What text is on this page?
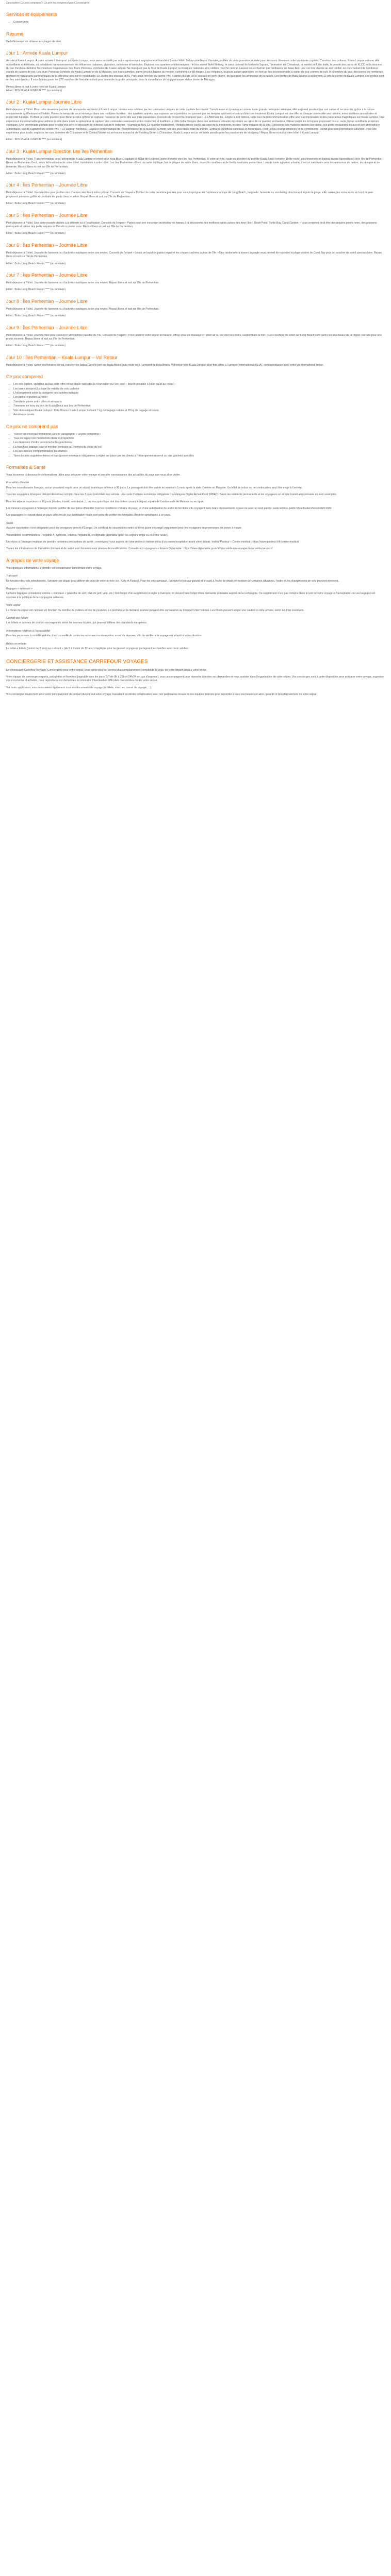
Description Ca prix comprend / Ce prix ne comprend pas Conciergerie

Services et équipements
• Conciergerie
Résumé

De l'effervescence urbaine aux plages de rêve.

Jour 1 : Arrivée Kuala Lumpur

Arrivée à Kuala Lumpur. À votre arrivée à l'aéroport de Kuala Lumpur, vous serez accueilli par notre représentant anglophone et transféré à votre hôtel. Selon votre heure d'arrivée, profitez de votre première journée pour découvrir librement cette trépidante capitale. Carrefour des cultures, Kuala Lumpur est une ville accueillante et tolérante, où cohabitent harmonieusement les influences malaises, chinoises, indiennes et tamoules. Explorez ses quartiers emblématiques : le très animé Bukit Bintang, le cœur colonial de Merdeka Square, l'animation de Chinatown, la variété de Little India, la beauté des parcs du KLCC ou la douceur du Lac Perdana. Admirez l'architecture majestueuse des Tours Petronas, symboles de Kuala Lumpur. Ne manquez pas la Tour de Kuala Lumpur, la mosquée nationale et le célèbre marché central. Laissez-vous charmer par l'ambiance de Jalan Alor, une rue très vivante au soir tombé, où s'enchaînent de nombreux stands de cuisine de rue. Les tours Petronas Symbole de Kuala Lumpur et de la Malaisie, ces tours jumelles, parmi les plus hautes du monde, culminent sur 88 étages. Leur élégance, toujours autant appréciée, en font un lieu incontournable à visiter de jour comme de nuit. À la tombée du jour, découvrez les nombreux rooftops et restaurants panoramiques de la ville pour une soirée inoubliable. Le Jardin des oiseaux de KL Parc situé non loin du centre-ville, il abrite plus de 3000 oiseaux en semi-liberté, de quoi ravir les amoureux de la nature. Les grottes de Batu Situées à seulement 13 km du centre de Kuala Lumpur, ces grottes sont un lieu saint hindou. Il vous faudra gravir les 272 marches de l'escalier coloré pour atteindre la grotte principale, sous la surveillance de la gigantesque statue dorée de Murugan.

Repas libres et nuit à votre hôtel de Kuala Lumpur

Hôtel : IBIS KUALA LUMPUR **** (ou similaire)

Jour 2 : Kuala Lumpur Journée Libre

Petit déjeuner à l'hôtel. Pour cette deuxième journée de découverte en liberté à Kuala Lumpur, laissez-vous séduire par les contrastes uniques de cette capitale fascinante. Tumultueuse et dynamique comme toute grande métropole asiatique, elle surprend pourtant par son calme et sa sérénité, grâce à la nature omniprésente qui l'entoure et l'habite. Prenez le temps de vous immerger dans ses multiples facettes : des quartiers animés, aux espaces verts paisibles, en passant par les temples spirituels et son architecture moderne. Kuala Lumpur est une ville où chaque coin recèle une histoire, entre traditions ancestrales et modernité futuriste. Profitez de cette journée pour flâner à votre rythme et capturer l'essence de cette ville aux mille paradoxes. Conseils de l'expert Ne manquez pas : • La Mémoire KL. Érigée à 421 mètres, cette tour de télécommunication offre une vue imprenable et des panoramas magnifiques sur Kuala Lumpur. Une expérience incontournable pour admirer la ville dans toute sa splendeur et capturer des contrastes saisissants entre modernité et traditions. • Little India Plongez dans une ambiance vibrante et colorée au cœur de ce quartier enchanteur. Flânez parmi les échoppes proposant tissus, saris, bijoux scintillants et épices exotiques. Une promenade parfaite pour éveiller vos sens et découvrir la richesse culturelle indienne. • Kampung Baru Ce quartier traditionnel, véritable trésor caché au cœur de la modernité, incarne l'âme malaise de la ville. Découvrez ses maisons en bois sur pilotis, ses petits restaurants locaux et son atmosphère authentique, loin de l'agitation du centre-ville. • Le Dataran Merdeka : La place emblématique de l'indépendance de la Malaisie où flotte l'un des plus hauts mâts du monde. Entourée d'édifices coloniaux et historiques, c'est un lieu chargé d'histoire et de symbolisme, parfait pour une promenade culturelle. Pour une expérience plus locale, explorez les rues animées de Chinatown et le Central Market où se trouve le marché de Petaling Street à Chinatown. Kuala Lumpur est un véritable paradis pour les passionnés de shopping ! Repas libres et nuit à votre hôtel à Kuala Lumpur.

Hôtel : IBIS KUALA LUMPUR **** (ou similaire)

Jour 3 : Kuala Lumpur Direction Les îles Perhentian

Petit déjeuner à l'hôtel. Transfert matinal vers l'aéroport de Kuala Lumpur et envol pour Kota Bharu, capitale de l'État de Kelantan, porte d'entrée vers les îles Perhentian. À votre arrivée, route en direction du port de Kuala Besut (environ 1h de route) puis traversée en bateau rapide (speed boat) vers l'île de Perhentian Besar ou Perhentian Kecil, selon la localisation de votre hôtel. Installation à votre hôtel. Les îles Perhentian offrent un cadre idyllique, fait de plages de sable blanc, de récifs coralliens et de forêts tropicales préservées. Loin de toute agitation urbaine, c'est un sanctuaire pour les amoureux de nature, de plongée et de farniente. Repas libres et nuit sur l'île de Perhentian.

Hôtel : Bubu Long Beach Resort **** (ou similaire)

Jour 4 : Îles Perhentian – Journée Libre

Petit déjeuner à l'hôtel. Journée libre pour profiter des charmes des îles à votre rythme. Conseils de l'expert • Profitez de cette première journée pour vous imprégner de l'ambiance unique de Long Beach, baignade, farniente ou snorkeling directement depuis la plage. • En soirée, les restaurants en bord de mer proposent poissons grillés et cocktails les pieds dans le sable. Repas libres et nuit sur l'île de Perhentian.

Hôtel : Bubu Long Beach Resort **** (ou similaire)

Jour 5 : Îles Perhentian – Journée Libre

Petit déjeuner à l'hôtel. Une autre journée dédiée à la détente ou à l'exploration. Conseils de l'expert • Partez pour une excursion snorkeling en bateau à la découverte des meilleurs spots autour des deux îles : Shark Point, Turtle Bay, Coral Garden. • Vous croiserez peut-être des requins pointe noire, des poissons perroquets et même des petits requins inoffensifs à pointe noire. Repas libres et nuit sur l'île de Perhentian.

Hôtel : Bubu Long Beach Resort **** (ou similaire)

Jour 6 : Îles Perhentian – Journée Libre

Petit déjeuner à l'hôtel. Journée de farniente ou d'activités nautiques selon vos envies. Conseils de l'expert • Louez un kayak et partez explorer les criques cachées autour de l'île. • Une randonnée à travers la jungle vous permet de rejoindre la plage voisine de Coral Bay pour un coucher de soleil spectaculaire. Repas libres et nuit sur l'île de Perhentian.

Hôtel : Bubu Long Beach Resort **** (ou similaire)

Jour 7 : Îles Perhentian – Journée Libre

Petit déjeuner à l'hôtel. Journée de farniente ou d'activités nautiques selon vos envies. Repas libres et nuit sur l'île de Perhentian.

Hôtel : Bubu Long Beach Resort **** (ou similaire)

Jour 8 : Îles Perhentian – Journée Libre

Petit déjeuner à l'hôtel. Journée de farniente ou d'activités nautiques selon vos envies. Repas libres et nuit sur l'île de Perhentian.

Hôtel : Bubu Long Beach Resort **** (ou similaire)

Jour 9 : Îles Perhentian – Journée Libre

Petit déjeuner à l'hôtel. Journée libre pour savourer l'atmosphère paisible de l'île. Conseils de l'expert • Pour célébrer votre séjour en beauté, offrez-vous un massage en plein air ou sur des rocs noirs, surplombant la mer. • Les couchers de soleil sur Long Beach sont parmi les plus beaux de la région, parfaits pour une photo souvenir. Repas libres et nuit sur l'île de Perhentian.

Hôtel : Bubu Long Beach Resort **** (ou similaire)

Jour 10 : Îles Perhentian – Kuala Lumpur – Vol Retour

Petit déjeuner à l'hôtel. Selon vos horaires de vol, transfert en bateau vers le port de Kuala Besut, puis route vers l'aéroport de Kota Bharu. Vol retour vers Kuala Lumpur. Une fois arrivé à l'aéroport international (KLIA), correspondance avec votre vol international retour.

Ce prix comprend
• Les vols (option, spécifiez au bas votre offre retour libellé tarés dès la réservation sur low-cost) - boucle possible à l'aller ou/et au retour)
• Les taxes aéroport (La base de validité de vols carbone
• L'hébergement selon la catégorie de chambre indiquée
• Les petits-déjeuners à l'hôtel
• Transferts privés entre villes et aéroports
• Traversée en ferry du port de Kuala Besut aux îles de Perhentian
• Vols domestiques Kuala Lumpur / Kota Bharu / Kuala Lumpur incluant 7 kg de bagage cabine et 20 kg de bagage en soute
• Assistance locale
Ce prix ne comprend pas
• Tout ce qui n'est pas mentionné dans le paragraphe « Le prix comprend »
• Tous les repas non mentionnés dans le programme
• Les dépenses d'ordre personnel et les pourboires
• La franchise bagage (sauf si mention contraire au moment du choix du vol)
• Les assurances complémentaires facultatives
• Taxes locales supplémentaires et frais gouvernementaux obligatoires à régler sur place par les clients à l'hébergement réservé ou aux guichets spécifiés
Formalités & Santé

Vous trouverez ci-dessous les informations utiles pour préparer votre voyage et prendre connaissance des actualités du pays que vous allez visiter.

Formalités d'entrée

Pour les ressortissants français, aucun visa n'est requis pour un séjour touristique inférieur à 90 jours. Le passeport doit être valide au minimum 6 mois après la date d'entrée en Malaisie. Un billet de retour ou de continuation peut être exigé à l'arrivée.

Tous les voyageurs étrangers doivent désormais remplir, dans les 3 jours précédant leur arrivée, une carte d'arrivée numérique obligatoire : la Malaysia Digital Arrival Card (MDAC). Seuls les résidents permanents et les voyageurs en simple transit aéroportuaire en sont exemptés.

Pour les séjours supérieurs à 90 jours (études, travail, volontariat...), un visa spécifique doit être obtenu avant le départ auprès de l'ambassade de Malaisie ou en ligne.

Les mineurs voyageant à l'étranger doivent justifier de leur pièce d'identité (voir les conditions d'entrée du pays) et d'une autorisation de sortie de territoire s'ils voyagent sans leurs représentants légaux ou avec un seul parent. www.service-public.fr/particuliers/vosdroits/F1922

Les passagers en transit dans un pays différent de leur destination finale sont priés de vérifier les formalités d'entrée spécifiques à ce pays.

Santé

Aucune vaccination n'est obligatoire pour les voyageurs venant d'Europe. Un certificat de vaccination contre la fièvre jaune est exigé uniquement pour les voyageurs en provenance de zones à risque.

Vaccinations recommandées : hépatite A, typhoïde, tétanos, hépatite B, encéphalite japonaise (pour les séjours longs ou en zone rurale).

Un séjour à l'étranger implique de prendre certaines précautions de santé ; renseignez-vous auprès de votre médecin traitant et/ou d'un centre hospitalier avant votre départ. Institut Pasteur – Centre médical : https://www.pasteur.fr/fr/centre-medical

Toutes les informations de formalités d'entrée et de santé sont données sous réserve de modifications. Conseils aux voyageurs – France Diplomatie : https://www.diplomatie.gouv.fr/fr/conseils-aux-voyageurs/conseils-par-pays/

À propos de votre voyage

Voici quelques informations à prendre en considération concernant votre voyage.

Transport

En fonction des vols sélectionnés, l'aéroport de départ peut différer de celui de votre arrivée (ex : Orly et Roissy). Pour les vols spéciaux, l'aéroport n'est pas garanti et le sujet à l'écho de dépôt en fonction de certaines situations, l'ordre et les changements de vols peuvent intervenir.

Bagages « spéciaux »

Certains bagages considérés comme « spéciaux » (planche de surf, club de golf, vélo, etc.) font l'objet d'un supplément à régler à l'aéroport et doivent faire l'objet d'une demande préalable auprès de la compagnie. Ce supplément n'est pas compris dans le prix de votre voyage et l'acceptation de ces bagages est soumise à la politique de la compagnie aérienne.

Votre séjour

La durée du séjour est calculée en fonction du nombre de nuitées et non de journées. La première et la dernière journée peuvent être consacrées au transport international. Les hôtels peuvent exiger une caution à votre arrivée, selon les frais éventuels.

Confort des hôtels

Les hôtels et normes de confort sont exprimés selon les normes locales, qui peuvent différer des standards européens.

Informations relatives à l'accessibilité

Pour les personnes à mobilité réduite, il est conseillé de contacter notre service réservation avant de réserver, afin de vérifier si le voyage est adapté à votre situation.

Bébés et enfants

Le bébé + bébés (moins de 2 ans) ou « enfant » (de 2 à moins de 12 ans) s'applique pour les jeunes voyageurs partageant la chambre avec deux adultes.

CONCIERGERIE ET ASSISTANCE CARREFOUR VOYAGES

En choisissant Carrefour Voyages Conciergerie pour votre séjour, vous optez pour un service d'accompagnement complet de la veille de votre départ jusqu'à votre retour.

Votre équipe de concierges experts, polyglottes et formées (joignable tous les jours 7j/7 de 8h à 22h et 24h/24 en cas d'urgence), vous accompagnent pour répondre à toutes vos demandes et vous assister dans l'organisation de votre séjour. Vos concierges sont à votre disposition pour préparer votre voyage, organiser vos excursions et activités, pour répondre à vos demandes ou résoudre d'éventuelles difficultés rencontrées durant votre séjour.

Via notre application, vous retrouverez également tous vos documents de voyage (e-billets, voucher, carnet de voyage, ...).

Vos concierges deviennent ainsi votre principal point de contact durant tout votre voyage, travaillant en étroite collaboration avec nos partenaires locaux et nos équipes internes pour répondre à tous vos besoins et ainsi, garantir le bon déroulement de votre séjour.
